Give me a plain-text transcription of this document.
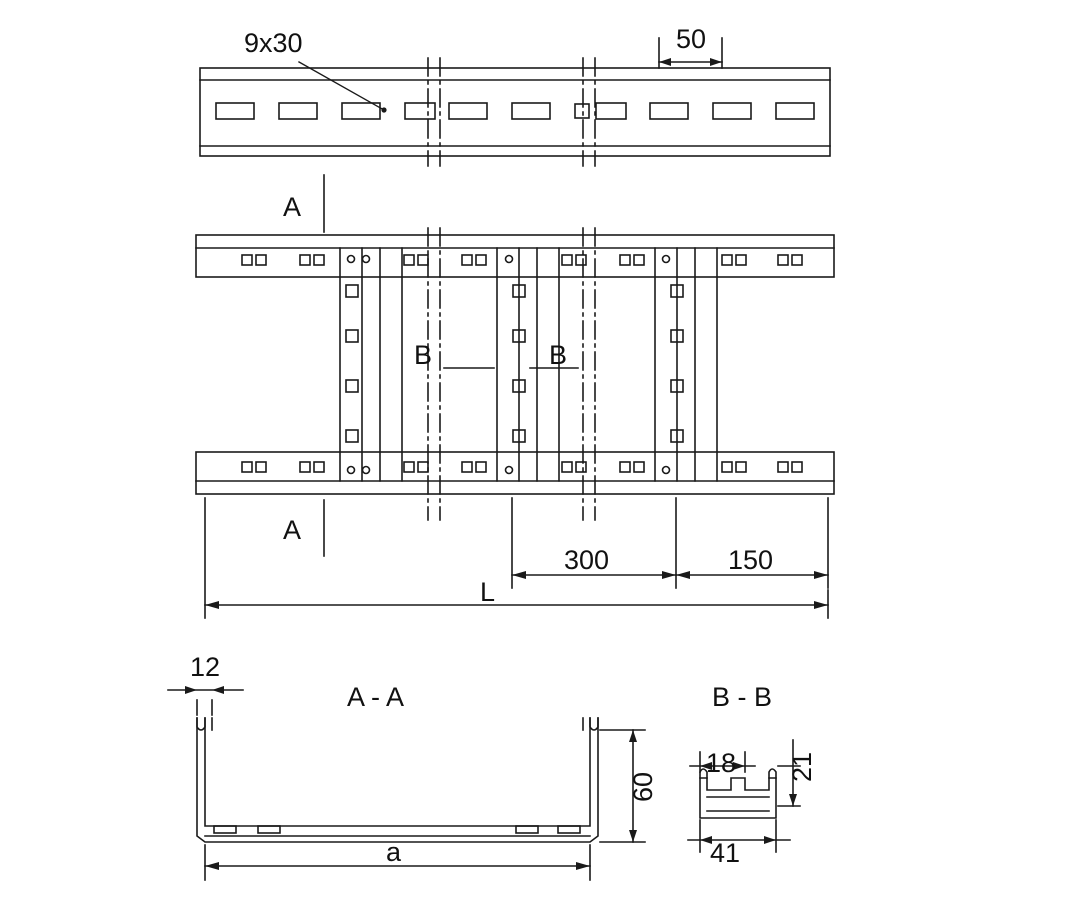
9x30	50
A
A
B	B
300	150
L
12
A - A
60
a
B - B
18 21
41
